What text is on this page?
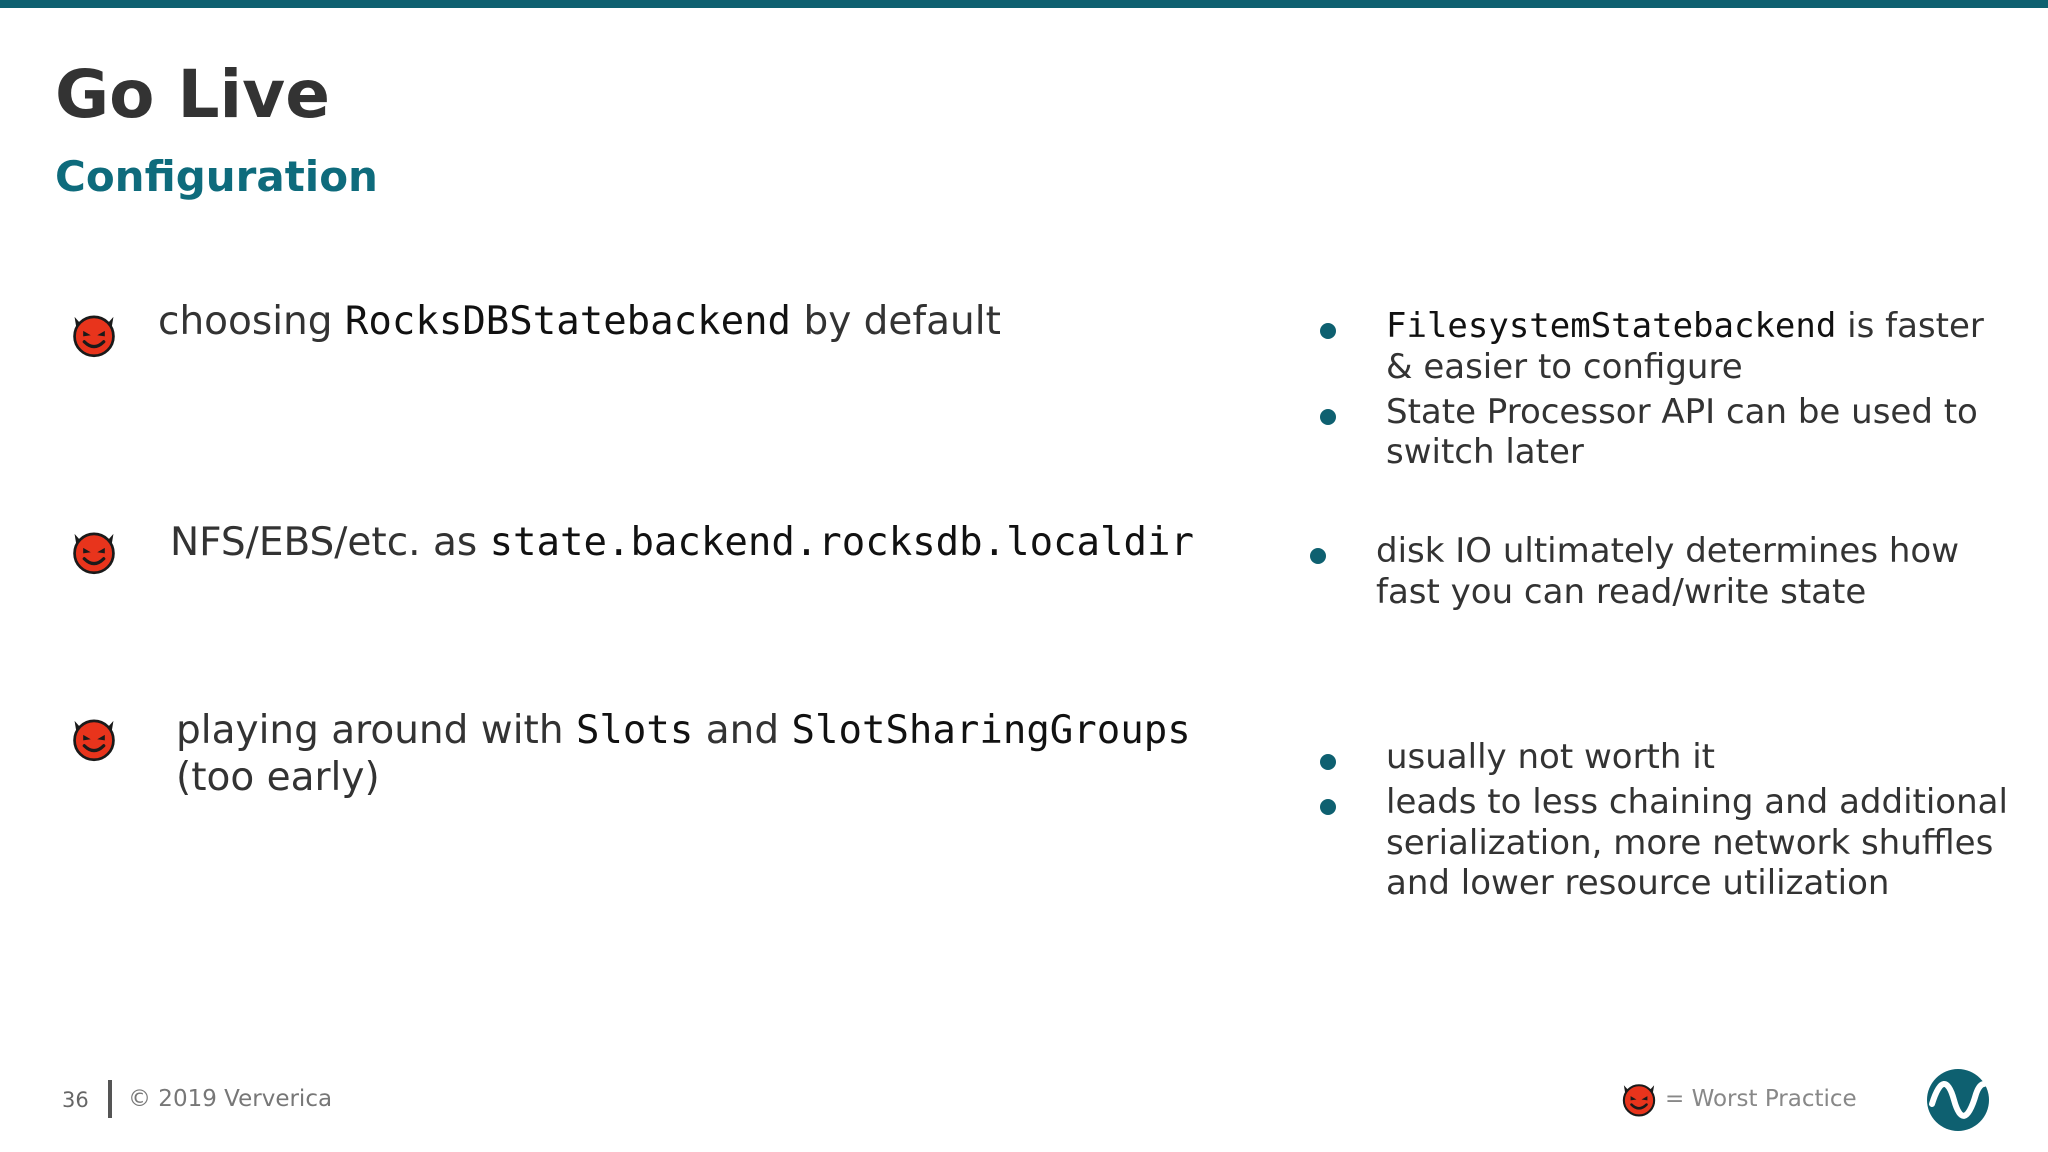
Go Live
Configuration
choosing RocksDBStatebackend by default	FilesystemStatebackend is faster & easier to configure
State Processor API can be used to switch later
NFS/EBS/etc. as state.backend.rocksdb.localdir	disk IO ultimately determines how fast you can read/write state
playing around with Slots and SlotSharingGroups (too early)	usually not worth it
leads to less chaining and additional serialization, more network shuffles and lower resource utilization
36 © 2019 Ververica	= Worst Practice
